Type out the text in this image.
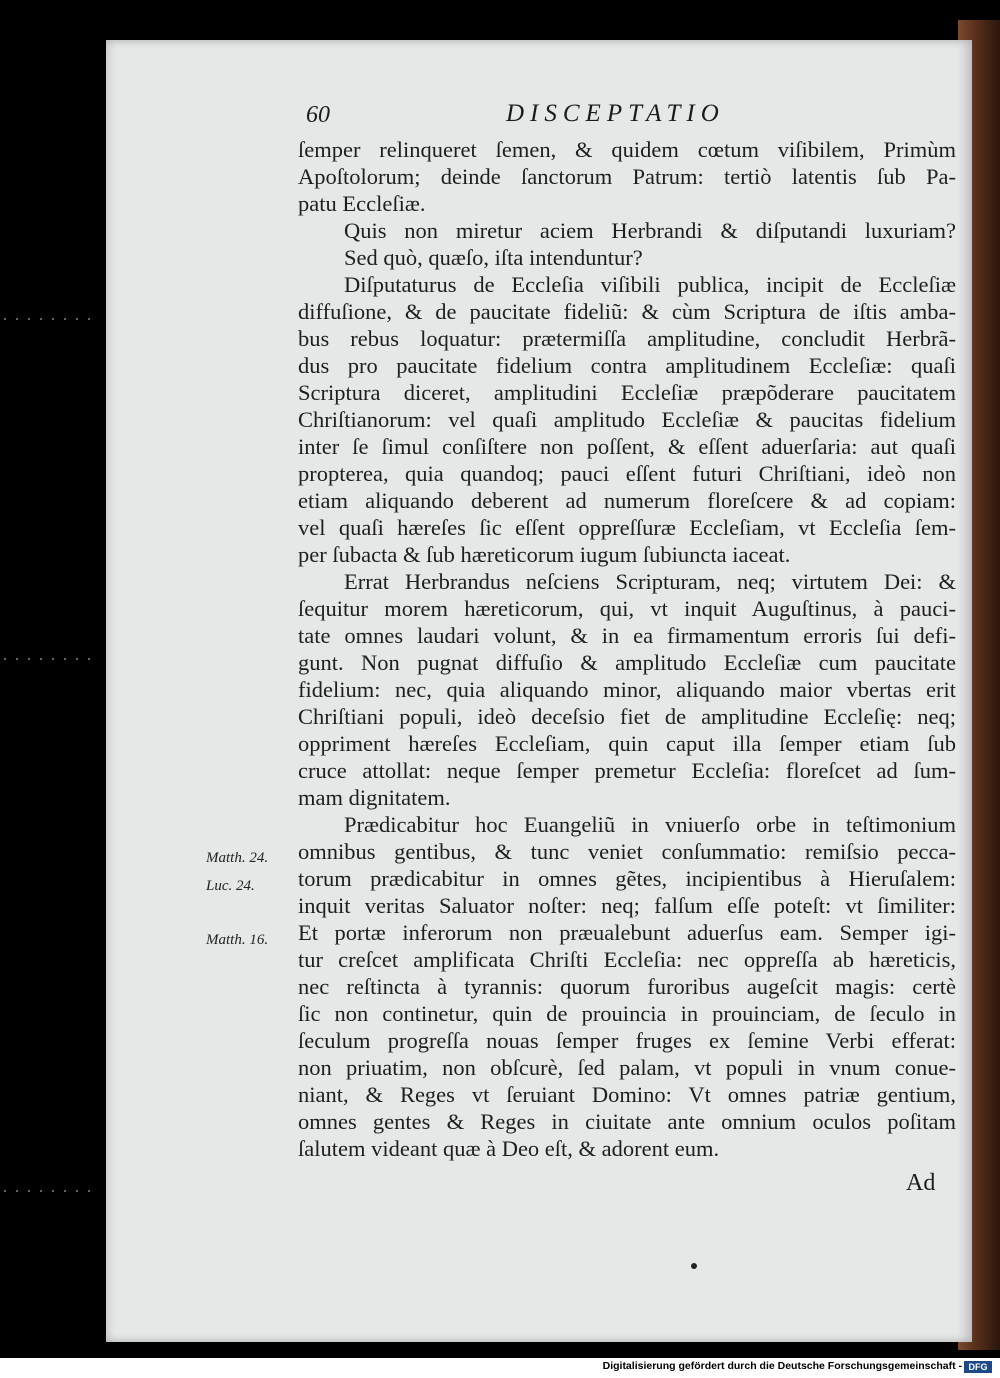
60	DISCEPTATIO
ſemper relinqueret ſemen, & quidem cœtum viſibilem, Primùm
Apoſtolorum; deinde ſanctorum Patrum: tertiò latentis ſub Pa-
patu Eccleſiæ.
Quis non miretur aciem Herbrandi & diſputandi luxuriam?
Sed quò, quæſo, iſta intenduntur?
Diſputaturus de Eccleſia viſibili publica, incipit de Eccleſiæ
diffuſione, & de paucitate fideliũ: & cùm Scriptura de iſtis amba-
bus rebus loquatur: prætermiſſa amplitudine, concludit Herbrã-
dus pro paucitate fidelium contra amplitudinem Eccleſiæ: quaſi
Scriptura diceret, amplitudini Eccleſiæ præpõderare paucitatem
Chriſtianorum: vel quaſi amplitudo Eccleſiæ & paucitas fidelium
inter ſe ſimul conſiſtere non poſſent, & eſſent aduerſaria: aut quaſi
propterea, quia quandoq; pauci eſſent futuri Chriſtiani, ideò non
etiam aliquando deberent ad numerum floreſcere & ad copiam:
vel quaſi hæreſes ſic eſſent oppreſſuræ Eccleſiam, vt Eccleſia ſem-
per ſubacta & ſub hæreticorum iugum ſubiuncta iaceat.
Errat Herbrandus neſciens Scripturam, neq; virtutem Dei: &
ſequitur morem hæreticorum, qui, vt inquit Auguſtinus, à pauci-
tate omnes laudari volunt, & in ea firmamentum erroris ſui defi-
gunt. Non pugnat diffuſio & amplitudo Eccleſiæ cum paucitate
fidelium: nec, quia aliquando minor, aliquando maior vbertas erit
Chriſtiani populi, ideò deceſsio fiet de amplitudine Eccleſię: neq;
oppriment hæreſes Eccleſiam, quin caput illa ſemper etiam ſub
cruce attollat: neque ſemper premetur Eccleſia: floreſcet ad ſum-
mam dignitatem.
Prædicabitur hoc Euangeliũ in vniuerſo orbe in teſtimonium
omnibus gentibus, & tunc veniet conſummatio: remiſsio pecca-
torum prædicabitur in omnes gẽtes, incipientibus à Hieruſalem:
inquit veritas Saluator noſter: neq; falſum eſſe poteſt: vt ſimiliter:
Et portæ inferorum non præualebunt aduerſus eam. Semper igi-
tur creſcet amplificata Chriſti Eccleſia: nec oppreſſa ab hæreticis,
nec reſtincta à tyrannis: quorum furoribus augeſcit magis: certè
ſic non continetur, quin de prouincia in prouinciam, de ſeculo in
ſeculum progreſſa nouas ſemper fruges ex ſemine Verbi efferat:
non priuatim, non obſcurè, ſed palam, vt populi in vnum conue-
niant, & Reges vt ſeruiant Domino: Vt omnes patriæ gentium,
omnes gentes & Reges in ciuitate ante omnium oculos poſitam
ſalutem videant quæ à Deo eſt, & adorent eum.
Matth. 24.
Luc. 24.
Matth. 16.
Ad
Digitalisierung gefördert durch die Deutsche Forschungsgemeinschaft - DFG
